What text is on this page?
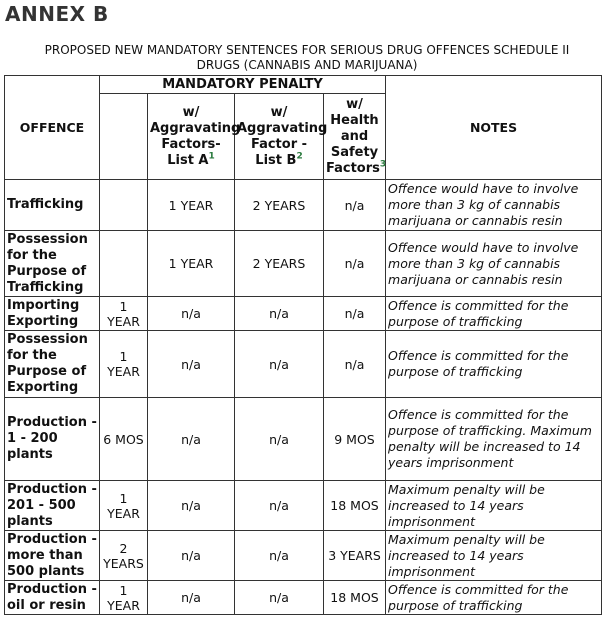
ANNEX B
PROPOSED NEW MANDATORY SENTENCES FOR SERIOUS DRUG OFFENCES SCHEDULE II
DRUGS (CANNABIS AND MARIJUANA)
OFFENCE	MANDATORY PENALTY				NOTES
		w/ Aggravating Factors- List A$^1$	w/ Aggravating Factor - List B$^2$	w/ Health and Safety Factors$^3$
Trafficking		1 YEAR	2 YEARS	n/a	Offence would have to involve more than 3 kg of cannabis marijuana or cannabis resin
Possession for the Purpose of Trafficking		1 YEAR	2 YEARS	n/a	Offence would have to involve more than 3 kg of cannabis marijuana or cannabis resin
Importing Exporting	1 YEAR	n/a	n/a	n/a	Offence is committed for the purpose of trafficking
Possession for the Purpose of Exporting	1 YEAR	n/a	n/a	n/a	Offence is committed for the purpose of trafficking
Production - 1 - 200 plants	6 MOS	n/a	n/a	9 MOS	Offence is committed for the purpose of trafficking. Maximum penalty will be increased to 14 years imprisonment
Production - 201 - 500 plants	1 YEAR	n/a	n/a	18 MOS	Maximum penalty will be increased to 14 years imprisonment
Production - more than 500 plants	2 YEARS	n/a	n/a	3 YEARS	Maximum penalty will be increased to 14 years imprisonment
Production - oil or resin	1 YEAR	n/a	n/a	18 MOS	Offence is committed for the purpose of trafficking
